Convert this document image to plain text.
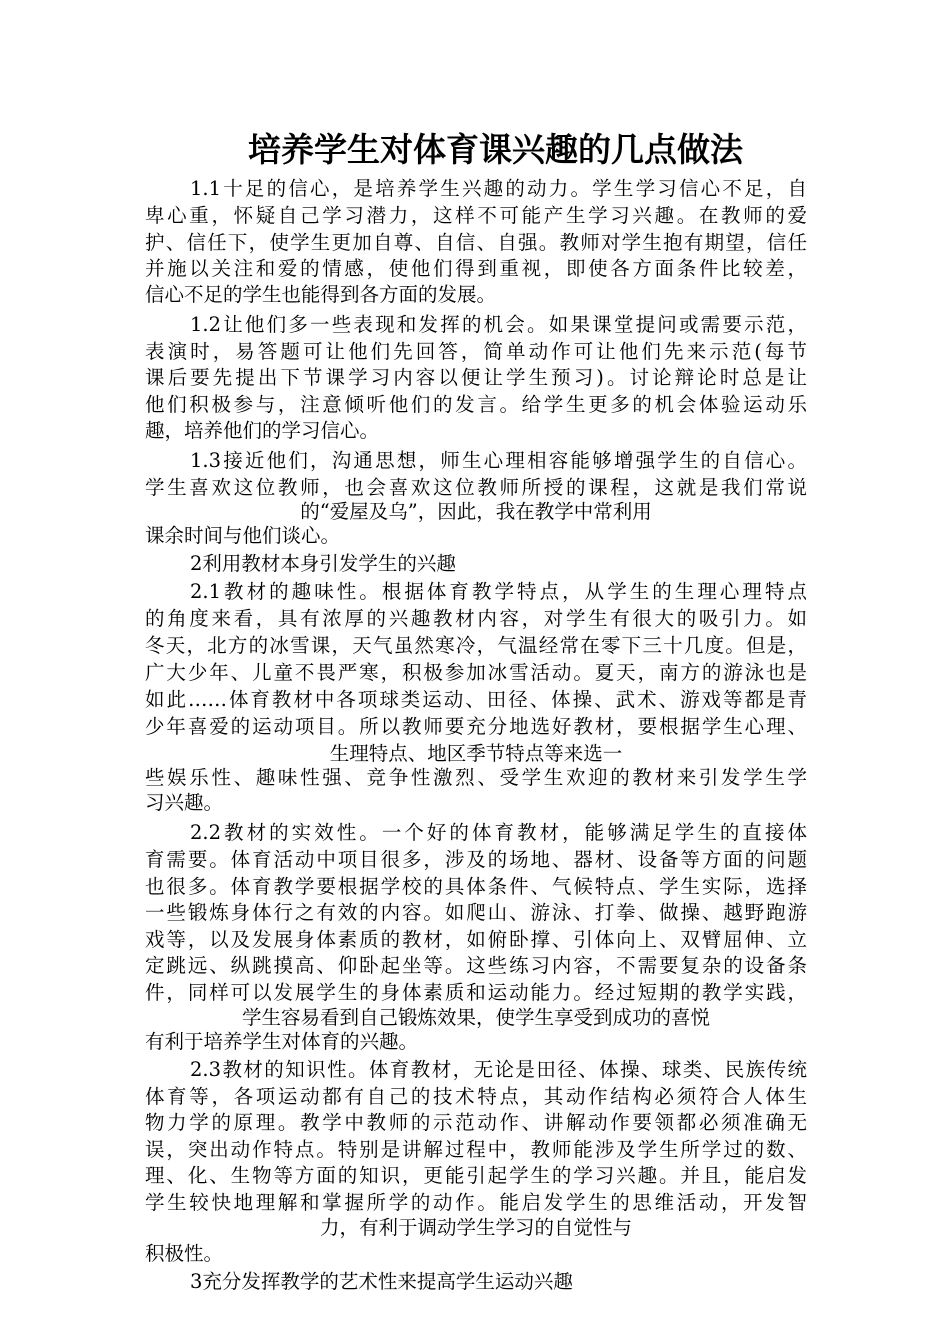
培养学生对体育课兴趣的几点做法
1.1十足的信心，是培养学生兴趣的动力。学生学习信心不足，自
卑心重，怀疑自己学习潜力，这样不可能产生学习兴趣。在教师的爱
护、信任下，使学生更加自尊、自信、自强。教师对学生抱有期望，信任
并施以关注和爱的情感，使他们得到重视，即使各方面条件比较差，
信心不足的学生也能得到各方面的发展。
1.2让他们多一些表现和发挥的机会。如果课堂提问或需要示范，
表演时，易答题可让他们先回答，简单动作可让他们先来示范(每节
课后要先提出下节课学习内容以便让学生预习)。讨论辩论时总是让
他们积极参与，注意倾听他们的发言。给学生更多的机会体验运动乐
趣，培养他们的学习信心。
1.3接近他们，沟通思想，师生心理相容能够增强学生的自信心。
学生喜欢这位教师，也会喜欢这位教师所授的课程，这就是我们常说
的“爱屋及乌”，因此，我在教学中常利用
课余时间与他们谈心。
2利用教材本身引发学生的兴趣
2.1教材的趣味性。根据体育教学特点，从学生的生理心理特点
的角度来看，具有浓厚的兴趣教材内容，对学生有很大的吸引力。如
冬天，北方的冰雪课，天气虽然寒冷，气温经常在零下三十几度。但是，
广大少年、儿童不畏严寒，积极参加冰雪活动。夏天，南方的游泳也是
如此……体育教材中各项球类运动、田径、体操、武术、游戏等都是青
少年喜爱的运动项目。所以教师要充分地选好教材，要根据学生心理、
生理特点、地区季节特点等来选一
些娱乐性、趣味性强、竞争性激烈、受学生欢迎的教材来引发学生学
习兴趣。
2.2教材的实效性。一个好的体育教材，能够满足学生的直接体
育需要。体育活动中项目很多，涉及的场地、器材、设备等方面的问题
也很多。体育教学要根据学校的具体条件、气候特点、学生实际，选择
一些锻炼身体行之有效的内容。如爬山、游泳、打拳、做操、越野跑游
戏等，以及发展身体素质的教材，如俯卧撑、引体向上、双臂屈伸、立
定跳远、纵跳摸高、仰卧起坐等。这些练习内容，不需要复杂的设备条
件，同样可以发展学生的身体素质和运动能力。经过短期的教学实践，
学生容易看到自己锻炼效果，使学生享受到成功的喜悦
有利于培养学生对体育的兴趣。
2.3教材的知识性。体育教材，无论是田径、体操、球类、民族传统
体育等，各项运动都有自己的技术特点，其动作结构必须符合人体生
物力学的原理。教学中教师的示范动作、讲解动作要领都必须准确无
误，突出动作特点。特别是讲解过程中，教师能涉及学生所学过的数、
理、化、生物等方面的知识，更能引起学生的学习兴趣。并且，能启发
学生较快地理解和掌握所学的动作。能启发学生的思维活动，开发智
力，有利于调动学生学习的自觉性与
积极性。
3充分发挥教学的艺术性来提高学生运动兴趣
